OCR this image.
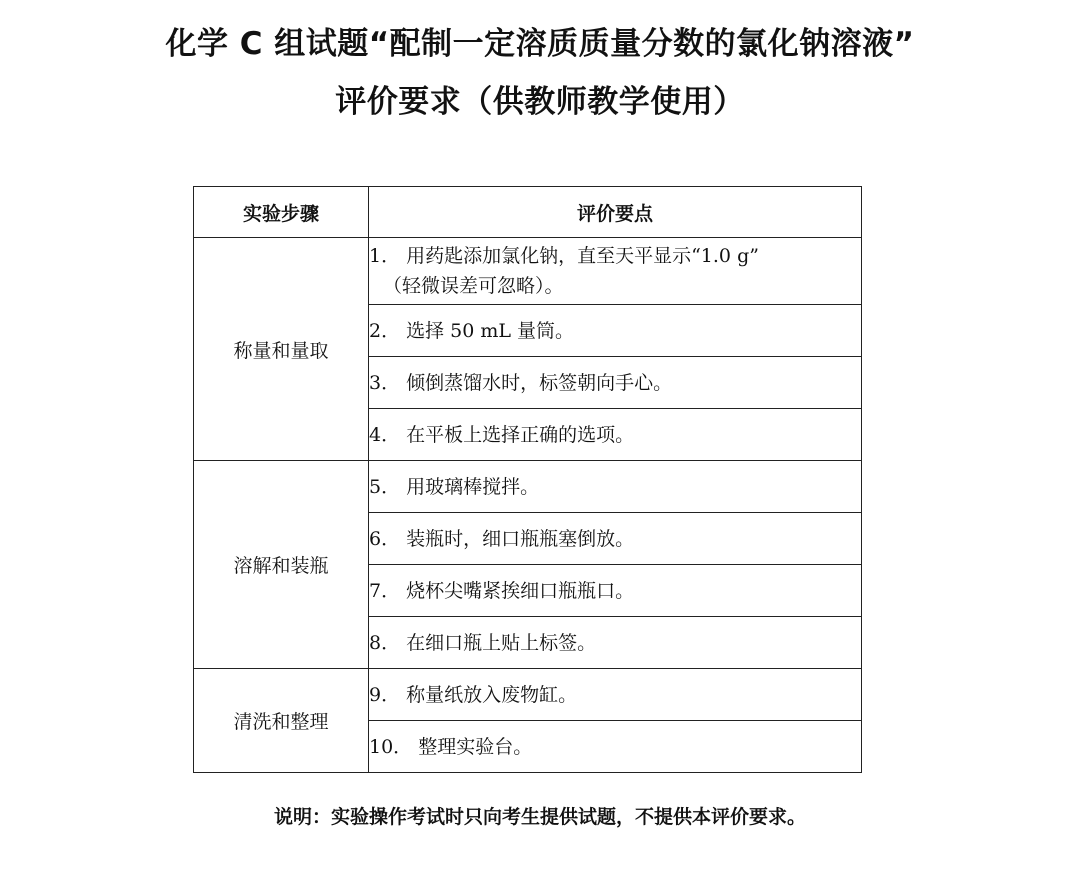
化学 C 组试题“配制一定溶质质量分数的氯化钠溶液”
评价要求（供教师教学使用）
实验步骤	评价要点
称量和量取	1． 用药匙添加氯化钠，直至天平显示“1.0 g”
（轻微误差可忽略）。

	2． 选择 50 mL 量筒。
	3． 倾倒蒸馏水时，标签朝向手心。
	4． 在平板上选择正确的选项。
溶解和装瓶	5． 用玻璃棒搅拌。
	6． 装瓶时，细口瓶瓶塞倒放。
	7． 烧杯尖嘴紧挨细口瓶瓶口。
	8． 在细口瓶上贴上标签。
清洗和整理	9． 称量纸放入废物缸。
	10． 整理实验台。
说明：实验操作考试时只向考生提供试题，不提供本评价要求。
